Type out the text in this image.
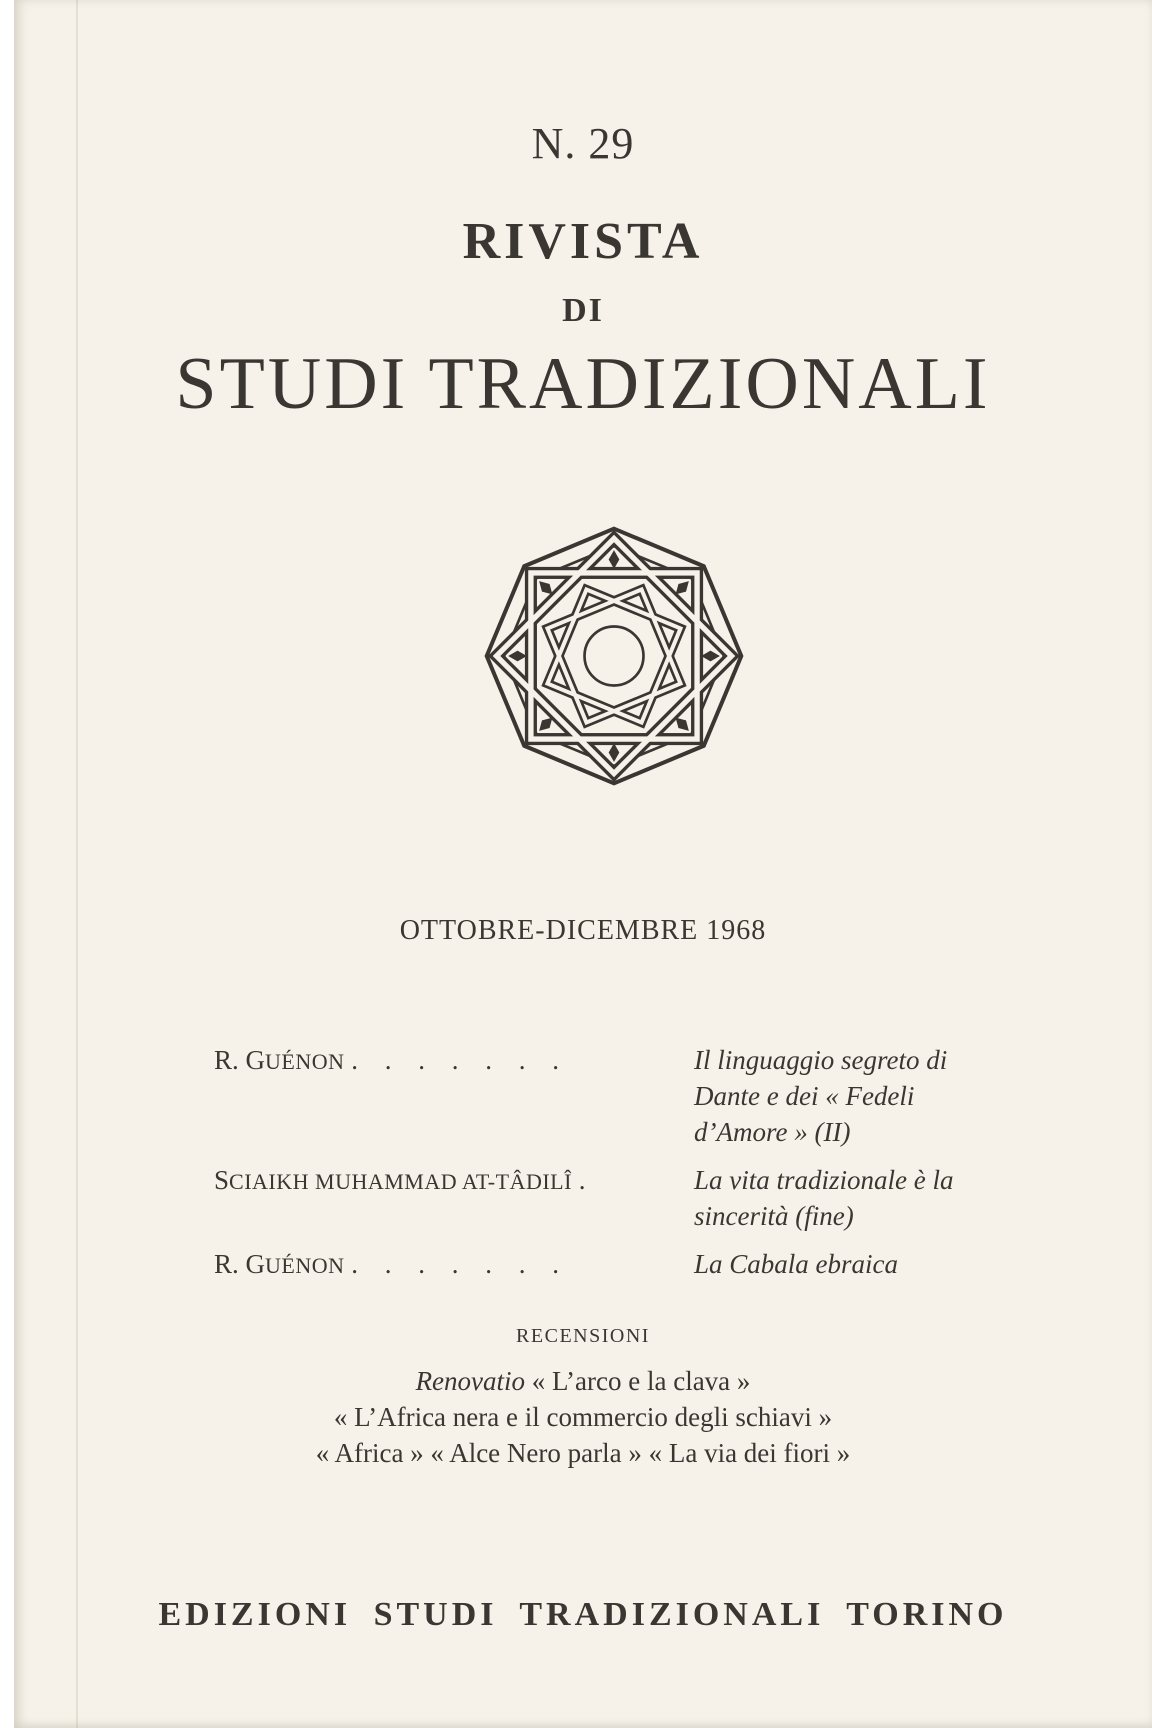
N. 29
RIVISTA
DI
STUDI TRADIZIONALI
OTTOBRE-DICEMBRE 1968
R. GUÉNON . . . . . . .	Il linguaggio segreto di Dante e dei « Fedeli d’Amore » (II)
SCIAIKH MUHAMMAD AT-TÂDILÎ .	La vita tradizionale è la sincerità (fine)
R. GUÉNON . . . . . . .	La Cabala ebraica
RECENSIONI
Renovatio « L’arco e la clava »
« L’Africa nera e il commercio degli schiavi »
« Africa » « Alce Nero parla » « La via dei fiori »
EDIZIONI STUDI TRADIZIONALI TORINO
